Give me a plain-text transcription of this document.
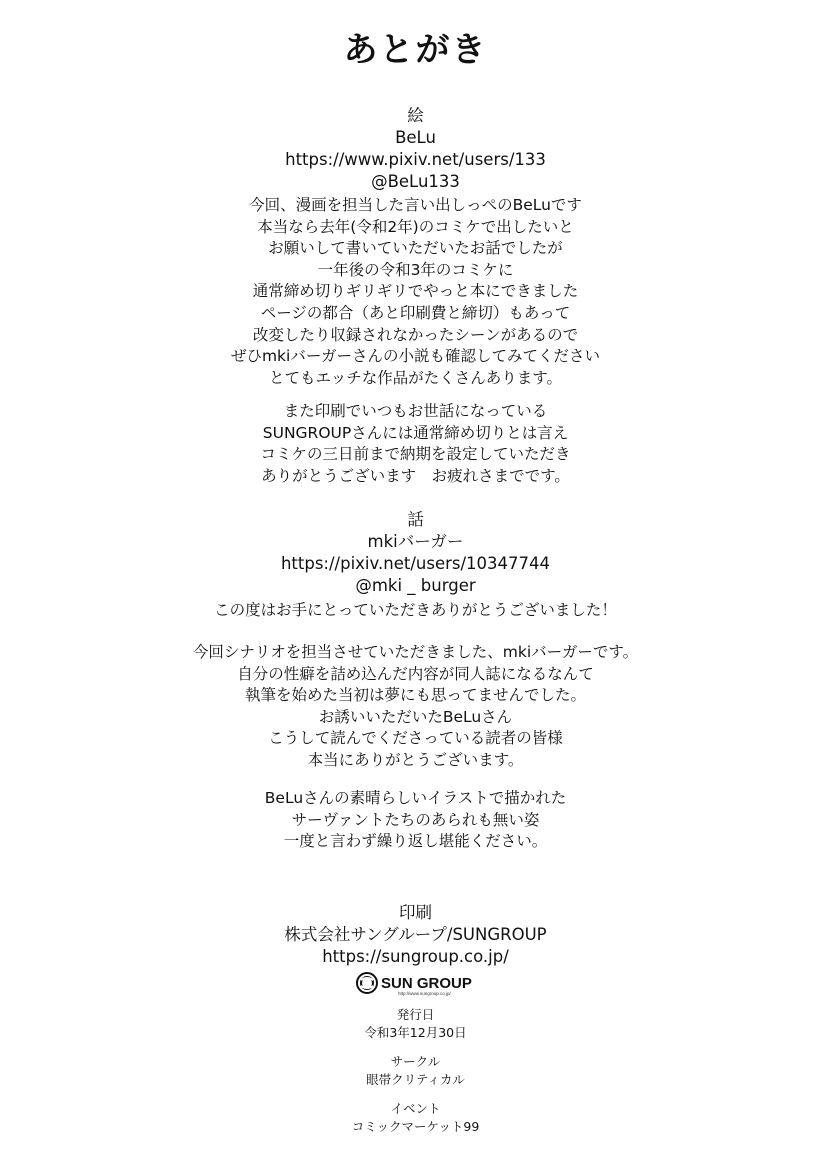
あとがき
絵
BeLu
https://www.pixiv.net/users/133
@BeLu133
今回、漫画を担当した言い出しっぺのBeLuです
本当なら去年(令和2年)のコミケで出したいと
お願いして書いていただいたお話でしたが
一年後の令和3年のコミケに
通常締め切りギリギリでやっと本にできました
ページの都合（あと印刷費と締切）もあって
改変したり収録されなかったシーンがあるので
ぜひmkiバーガーさんの小説も確認してみてください
とてもエッチな作品がたくさんあります。
また印刷でいつもお世話になっている
SUNGROUPさんには通常締め切りとは言え
コミケの三日前まで納期を設定していただき
ありがとうございます　お疲れさまでです。
話
mkiバーガー
https://pixiv.net/users/10347744
@mki _ burger
この度はお手にとっていただきありがとうございました！
今回シナリオを担当させていただきました、mkiバーガーです。
自分の性癖を詰め込んだ内容が同人誌になるなんて
執筆を始めた当初は夢にも思ってませんでした。
お誘いいただいたBeLuさん
こうして読んでくださっている読者の皆様
本当にありがとうございます。
BeLuさんの素晴らしいイラストで描かれた
サーヴァントたちのあられも無い姿
一度と言わず繰り返し堪能ください。
印刷
株式会社サングループ/SUNGROUP
https://sungroup.co.jp/
SUN GROUP
http://www.sungroup.co.jp/
発行日
令和3年12月30日
サークル
眼帯クリティカル
イベント
コミックマーケット99
